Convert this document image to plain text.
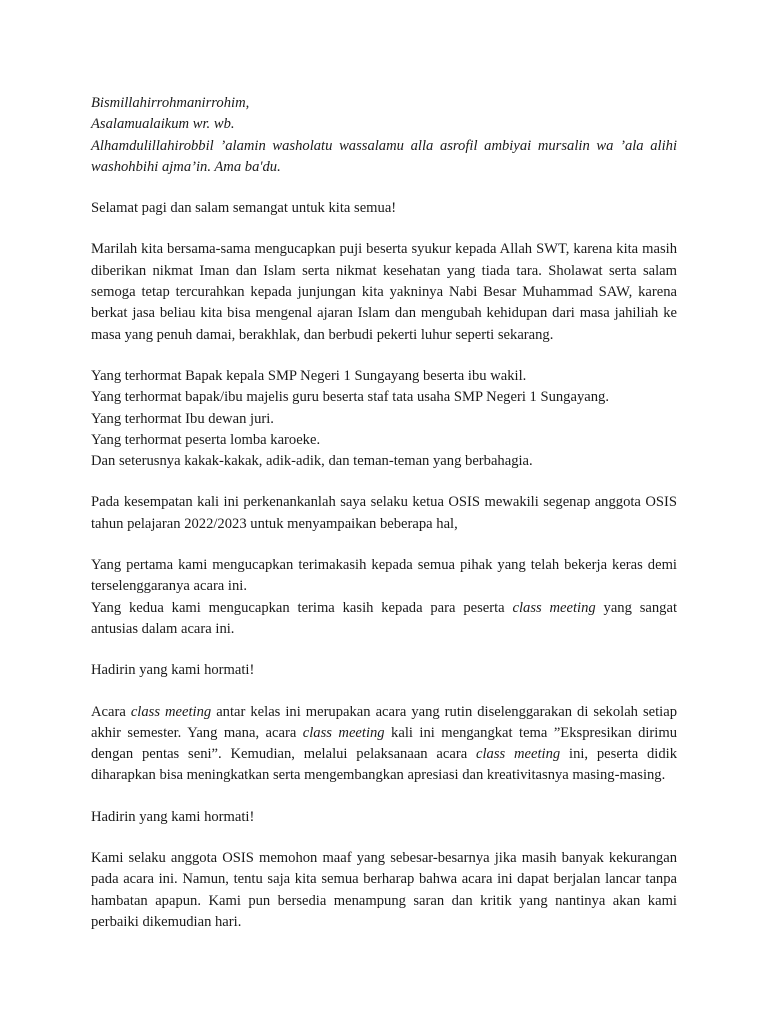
Bismillahirrohmanirrohim,
Asalamualaikum wr. wb.
Alhamdulillahirobbil ’alamin washolatu wassalamu alla asrofil ambiyai mursalin wa ’ala alihi washohbihi ajma’in. Ama ba'du.

Selamat pagi dan salam semangat untuk kita semua!

Marilah kita bersama-sama mengucapkan puji beserta syukur kepada Allah SWT, karena kita masih diberikan nikmat Iman dan Islam serta nikmat kesehatan yang tiada tara. Sholawat serta salam semoga tetap tercurahkan kepada junjungan kita yakninya Nabi Besar Muhammad SAW, karena berkat jasa beliau kita bisa mengenal ajaran Islam dan mengubah kehidupan dari masa jahiliah ke masa yang penuh damai, berakhlak, dan berbudi pekerti luhur seperti sekarang.

Yang terhormat Bapak kepala SMP Negeri 1 Sungayang beserta ibu wakil.
Yang terhormat bapak/ibu majelis guru beserta staf tata usaha SMP Negeri 1 Sungayang.
Yang terhormat Ibu dewan juri.
Yang terhormat peserta lomba karoeke.
Dan seterusnya kakak-kakak, adik-adik, dan teman-teman yang berbahagia.

Pada kesempatan kali ini perkenankanlah saya selaku ketua OSIS mewakili segenap anggota OSIS tahun pelajaran 2022/2023 untuk menyampaikan beberapa hal,

Yang pertama kami mengucapkan terimakasih kepada semua pihak yang telah bekerja keras demi terselenggaranya acara ini.
Yang kedua kami mengucapkan terima kasih kepada para peserta class meeting yang sangat antusias dalam acara ini.

Hadirin yang kami hormati!

Acara class meeting antar kelas ini merupakan acara yang rutin diselenggarakan di sekolah setiap akhir semester. Yang mana, acara class meeting kali ini mengangkat tema ”Ekspresikan dirimu dengan pentas seni”. Kemudian, melalui pelaksanaan acara class meeting ini, peserta didik diharapkan bisa meningkatkan serta mengembangkan apresiasi dan kreativitasnya masing-masing.

Hadirin yang kami hormati!

Kami selaku anggota OSIS memohon maaf yang sebesar-besarnya jika masih banyak kekurangan pada acara ini. Namun, tentu saja kita semua berharap bahwa acara ini dapat berjalan lancar tanpa hambatan apapun. Kami pun bersedia menampung saran dan kritik yang nantinya akan kami perbaiki dikemudian hari.
